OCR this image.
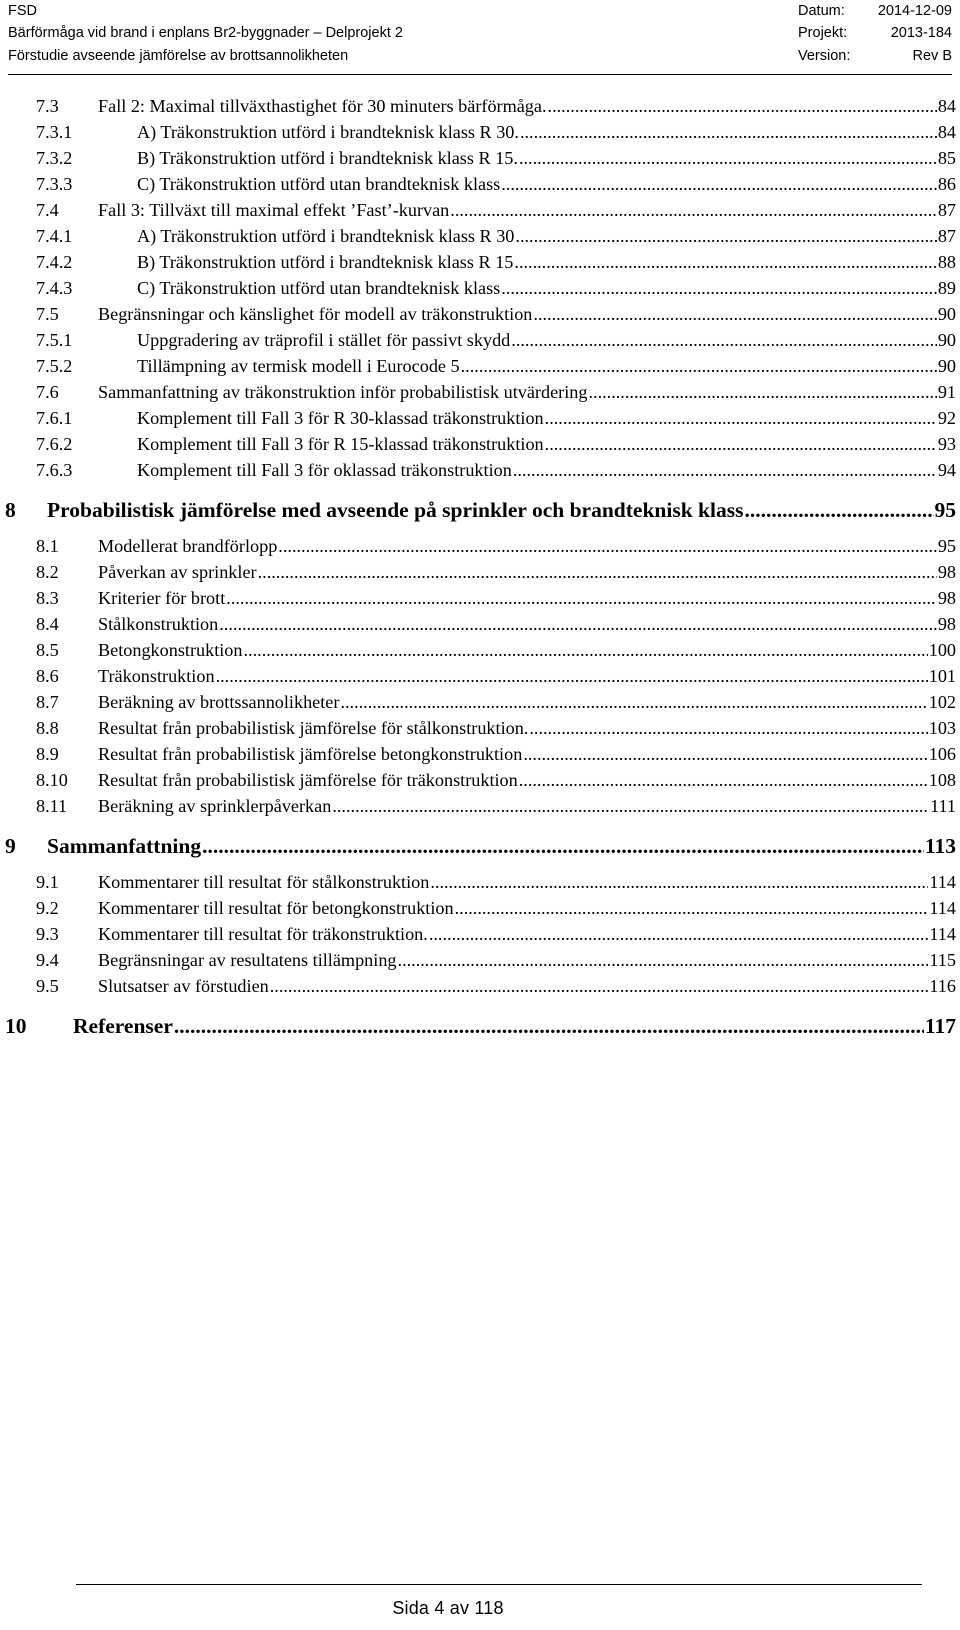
FSD	Datum: 2014-12-09
Bärförmåga vid brand i enplans Br2-byggnader – Delprojekt 2	Projekt:	2013-184
Förstudie avseende jämförelse av brottsannolikheten	Version:	Rev B
7.3	Fall 2: Maximal tillväxthastighet för 30 minuters bärförmåga. .....	84
7.3.1	A) Träkonstruktion utförd i brandteknisk klass R 30. .....	84
7.3.2	B) Träkonstruktion utförd i brandteknisk klass R 15. .....	85
7.3.3	C) Träkonstruktion utförd utan brandteknisk klass .....	86
7.4	Fall 3: Tillväxt till maximal effekt ’Fast’-kurvan .....	87
7.4.1	A) Träkonstruktion utförd i brandteknisk klass R 30 .....	87
7.4.2	B) Träkonstruktion utförd i brandteknisk klass R 15 .....	88
7.4.3	C) Träkonstruktion utförd utan brandteknisk klass .....	89
7.5	Begränsningar och känslighet för modell av träkonstruktion .....	90
7.5.1	Uppgradering av träprofil i stället för passivt skydd .....	90
7.5.2	Tillämpning av termisk modell i Eurocode 5 .....	90
7.6	Sammanfattning av träkonstruktion inför probabilistisk utvärdering .....	91
7.6.1	Komplement till Fall 3 för R 30-klassad träkonstruktion .....	92
7.6.2	Komplement till Fall 3 för R 15-klassad träkonstruktion .....	93
7.6.3	Komplement till Fall 3 för oklassad träkonstruktion .....	94
8	Probabilistisk jämförelse med avseende på sprinkler och brandteknisk klass .....	95
8.1	Modellerat brandförlopp .....	95
8.2	Påverkan av sprinkler .....	98
8.3	Kriterier för brott .....	98
8.4	Stålkonstruktion .....	98
8.5	Betongkonstruktion .....	100
8.6	Träkonstruktion .....	101
8.7	Beräkning av brottssannolikheter .....	102
8.8	Resultat från probabilistisk jämförelse för stålkonstruktion. .....	103
8.9	Resultat från probabilistisk jämförelse betongkonstruktion .....	106
8.10	Resultat från probabilistisk jämförelse för träkonstruktion .....	108
8.11	Beräkning av sprinklerpåverkan .....	111
9	Sammanfattning .....	113
9.1	Kommentarer till resultat för stålkonstruktion .....	114
9.2	Kommentarer till resultat för betongkonstruktion .....	114
9.3	Kommentarer till resultat för träkonstruktion. .....	114
9.4	Begränsningar av resultatens tillämpning .....	115
9.5	Slutsatser av förstudien .....	116
10	Referenser .....	117
Sida 4 av 118
